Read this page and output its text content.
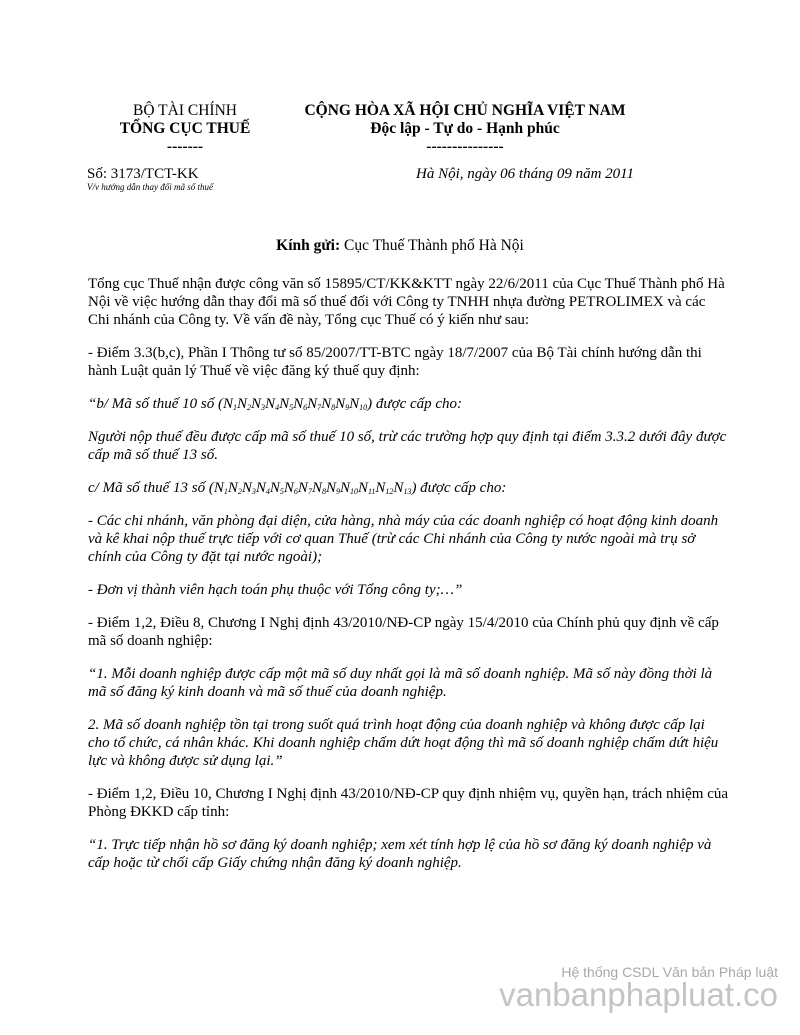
BỘ TÀI CHÍNH
TỔNG CỤC THUẾ
-------
CỘNG HÒA XÃ HỘI CHỦ NGHĨA VIỆT NAM
Độc lập - Tự do - Hạnh phúc
---------------
Số: 3173/TCT-KK
V/v hướng dẫn thay đổi mã số thuế
Hà Nội, ngày 06 tháng 09 năm 2011
Kính gửi: Cục Thuế Thành phố Hà Nội

Tổng cục Thuế nhận được công văn số 15895/CT/KK&KTT ngày 22/6/2011 của Cục Thuế Thành phố Hà Nội về việc hướng dẫn thay đổi mã số thuế đối với Công ty TNHH nhựa đường PETROLIMEX và các Chi nhánh của Công ty. Về vấn đề này, Tổng cục Thuế có ý kiến như sau:

- Điểm 3.3(b,c), Phần I Thông tư số 85/2007/TT-BTC ngày 18/7/2007 của Bộ Tài chính hướng dẫn thi hành Luật quản lý Thuế về việc đăng ký thuế quy định:

“b/ Mã số thuế 10 số $(N_1N_2N_3N_4N_5N_6N_7N_8N_9N_{10})$ được cấp cho:

Người nộp thuế đều được cấp mã số thuế 10 số, trừ các trường hợp quy định tại điểm 3.3.2 dưới đây được cấp mã số thuế 13 số.

c/ Mã số thuế 13 số $(N_1N_2N_3N_4N_5N_6N_7N_8N_9N_{10}N_{11}N_{12}N_{13})$ được cấp cho:

- Các chi nhánh, văn phòng đại diện, cửa hàng, nhà máy của các doanh nghiệp có hoạt động kinh doanh và kê khai nộp thuế trực tiếp với cơ quan Thuế (trừ các Chi nhánh của Công ty nước ngoài mà trụ sở chính của Công ty đặt tại nước ngoài);

- Đơn vị thành viên hạch toán phụ thuộc với Tổng công ty;…”

- Điểm 1,2, Điều 8, Chương I Nghị định 43/2010/NĐ-CP ngày 15/4/2010 của Chính phủ quy định về cấp mã số doanh nghiệp:

“1. Mỗi doanh nghiệp được cấp một mã số duy nhất gọi là mã số doanh nghiệp. Mã số này đồng thời là mã số đăng ký kinh doanh và mã số thuế của doanh nghiệp.

2. Mã số doanh nghiệp tồn tại trong suốt quá trình hoạt động của doanh nghiệp và không được cấp lại cho tổ chức, cá nhân khác. Khi doanh nghiệp chấm dứt hoạt động thì mã số doanh nghiệp chấm dứt hiệu lực và không được sử dụng lại.”

- Điểm 1,2, Điều 10, Chương I Nghị định 43/2010/NĐ-CP quy định nhiệm vụ, quyền hạn, trách nhiệm của Phòng ĐKKD cấp tỉnh:

“1. Trực tiếp nhận hồ sơ đăng ký doanh nghiệp; xem xét tính hợp lệ của hồ sơ đăng ký doanh nghiệp và cấp hoặc từ chối cấp Giấy chứng nhận đăng ký doanh nghiệp.

Hệ thống CSDL Văn bản Pháp luật
vanbanphapluat.co
